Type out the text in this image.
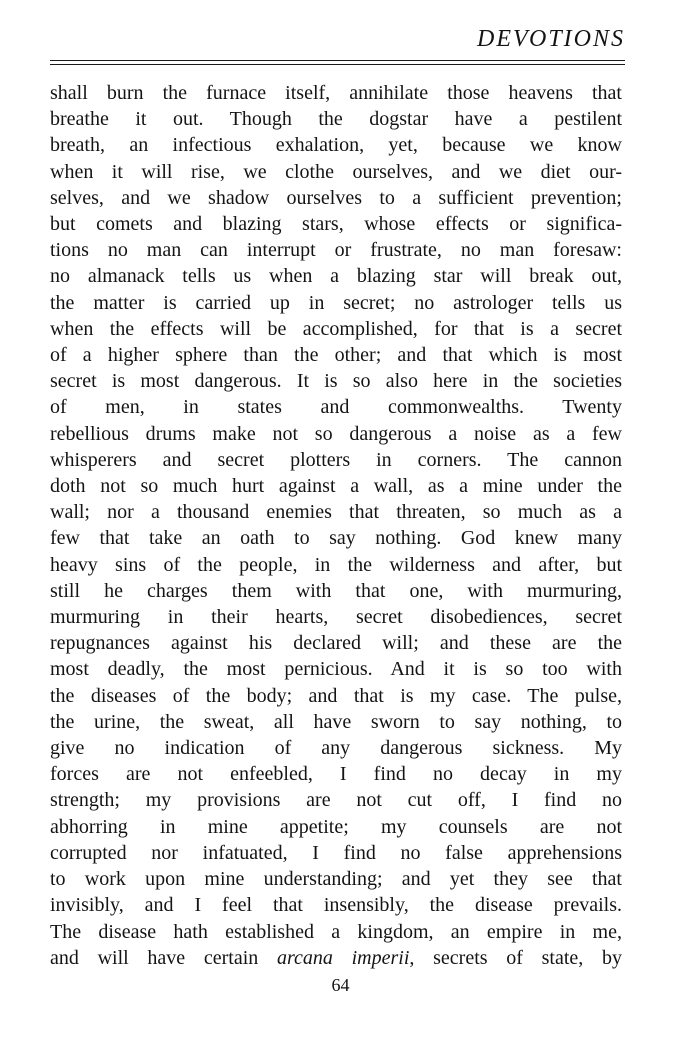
DEVOTIONS
shall burn the furnace itself, annihilate those heavens that
breathe it out. Though the dogstar have a pestilent
breath, an infectious exhalation, yet, because we know
when it will rise, we clothe ourselves, and we diet our-
selves, and we shadow ourselves to a sufficient prevention;
but comets and blazing stars, whose effects or significa-
tions no man can interrupt or frustrate, no man foresaw:
no almanack tells us when a blazing star will break out,
the matter is carried up in secret; no astrologer tells us
when the effects will be accomplished, for that is a secret
of a higher sphere than the other; and that which is most
secret is most dangerous. It is so also here in the societies
of men, in states and commonwealths. Twenty
rebellious drums make not so dangerous a noise as a few
whisperers and secret plotters in corners. The cannon
doth not so much hurt against a wall, as a mine under the
wall; nor a thousand enemies that threaten, so much as a
few that take an oath to say nothing. God knew many
heavy sins of the people, in the wilderness and after, but
still he charges them with that one, with murmuring,
murmuring in their hearts, secret disobediences, secret
repugnances against his declared will; and these are the
most deadly, the most pernicious. And it is so too with
the diseases of the body; and that is my case. The pulse,
the urine, the sweat, all have sworn to say nothing, to
give no indication of any dangerous sickness. My
forces are not enfeebled, I find no decay in my
strength; my provisions are not cut off, I find no
abhorring in mine appetite; my counsels are not
corrupted nor infatuated, I find no false apprehensions
to work upon mine understanding; and yet they see that
invisibly, and I feel that insensibly, the disease prevails.
The disease hath established a kingdom, an empire in me,
and will have certain arcana imperii, secrets of state, by
64
